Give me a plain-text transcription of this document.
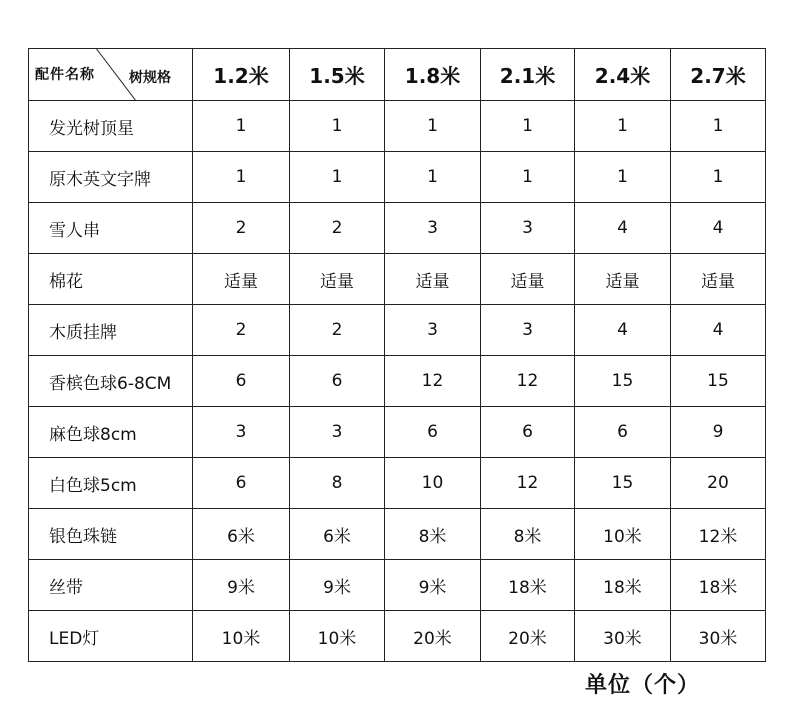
配件名称 树规格	1.2米	1.5米	1.8米	2.1米	2.4米	2.7米
发光树顶星	1	1	1	1	1	1
原木英文字牌	1	1	1	1	1	1
雪人串	2	2	3	3	4	4
棉花	适量	适量	适量	适量	适量	适量
木质挂牌	2	2	3	3	4	4
香槟色球6-8CM	6	6	12	12	15	15
麻色球8cm	3	3	6	6	6	9
白色球5cm	6	8	10	12	15	20
银色珠链	6米	6米	8米	8米	10米	12米
丝带	9米	9米	9米	18米	18米	18米
LED灯	10米	10米	20米	20米	30米	30米
单位（个）
